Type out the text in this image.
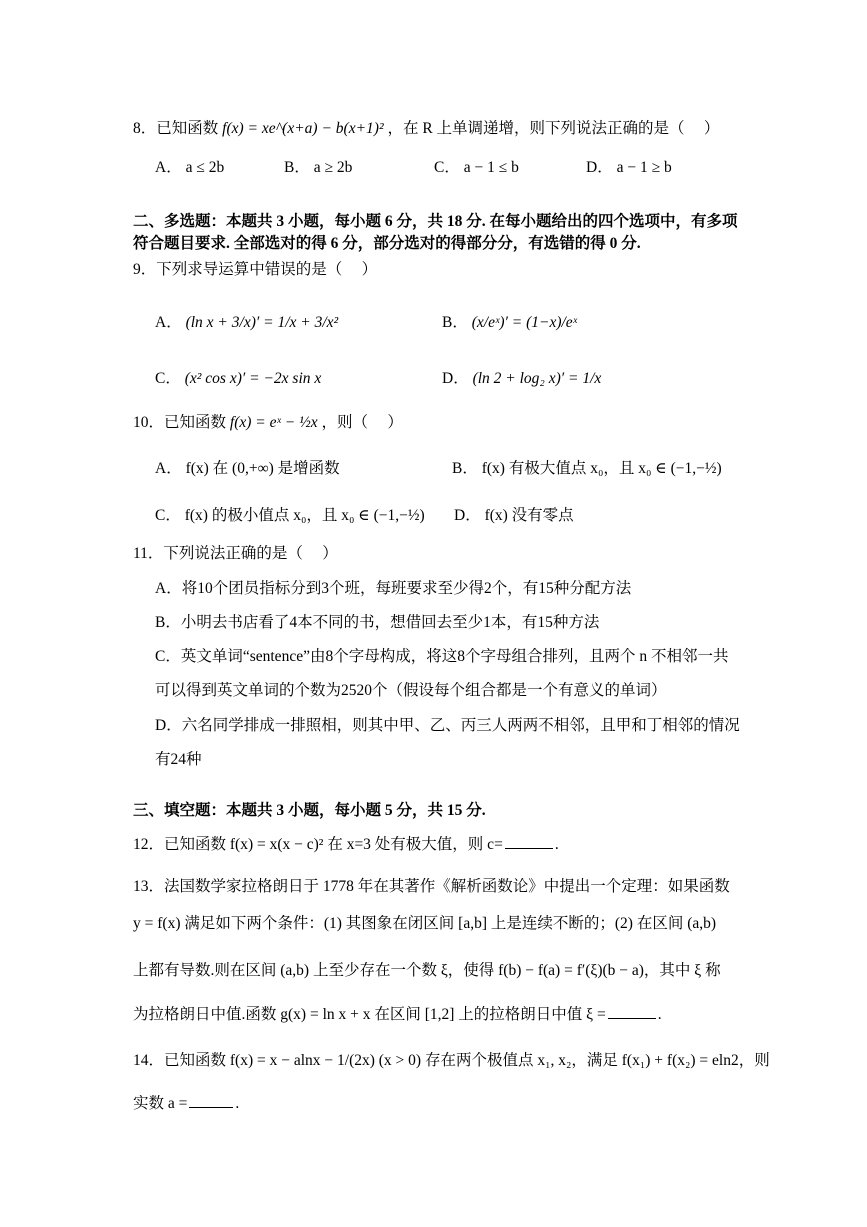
8．已知函数 f(x) = xe^(x+a) − b(x+1)² ，在 R 上单调递增，则下列说法正确的是（　 ）
A． a ≤ 2b	B． a ≥ 2b	C． a − 1 ≤ b	D． a − 1 ≥ b
二、多选题：本题共 3 小题，每小题 6 分，共 18 分. 在每小题给出的四个选项中，有多项
符合题目要求. 全部选对的得 6 分，部分选对的得部分分，有选错的得 0 分.
9．下列求导运算中错误的是（　 ）
A． (ln x + 3/x)′ = 1/x + 3/x²	B． (x/eˣ)′ = (1−x)/eˣ
C． (x² cos x)′ = −2x sin x	D． (ln 2 + log₂ x)′ = 1/x
10．已知函数 f(x) = eˣ − ½x ，则（　 ）
A． f(x) 在 (0,+∞) 是增函数	B． f(x) 有极大值点 x₀，且 x₀ ∈ (−1,−½)
C． f(x) 的极小值点 x₀，且 x₀ ∈ (−1,−½) D． f(x) 没有零点
11．下列说法正确的是（　 ）
A．将10个团员指标分到3个班，每班要求至少得2个，有15种分配方法
B．小明去书店看了4本不同的书，想借回去至少1本，有15种方法
C．英文单词“sentence”由8个字母构成，将这8个字母组合排列，且两个 n 不相邻一共
可以得到英文单词的个数为2520个（假设每个组合都是一个有意义的单词）
D．六名同学排成一排照相，则其中甲、乙、丙三人两两不相邻，且甲和丁相邻的情况
有24种
三、填空题：本题共 3 小题，每小题 5 分，共 15 分.
12．已知函数 f(x) = x(x − c)² 在 x=3 处有极大值，则 c=	.
13．法国数学家拉格朗日于 1778 年在其著作《解析函数论》中提出一个定理：如果函数
y = f(x) 满足如下两个条件：(1) 其图象在闭区间 [a,b] 上是连续不断的；(2) 在区间 (a,b)
上都有导数.则在区间 (a,b) 上至少存在一个数 ξ，使得 f(b) − f(a) = f′(ξ)(b − a)，其中 ξ 称
为拉格朗日中值.函数 g(x) = ln x + x 在区间 [1,2] 上的拉格朗日中值 ξ =	.
14．已知函数 f(x) = x − alnx − 1/(2x) (x > 0) 存在两个极值点 x₁, x₂，满足 f(x₁) + f(x₂) = eln2，则
实数 a =	.
